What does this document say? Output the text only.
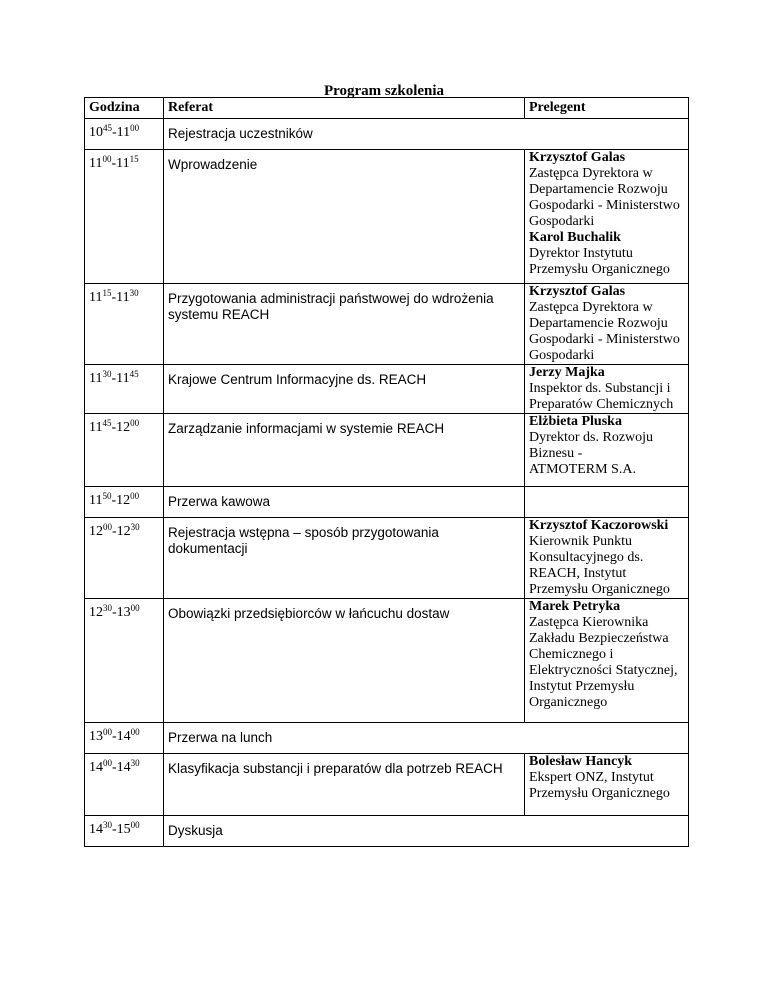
Program szkolenia
Godzina	Referat	Prelegent
$10^{45}-11^{00}$	Rejestracja uczestników	
$11^{00}-11^{15}$	Wprowadzenie	Krzysztof Galas
Zastępca Dyrektora w Departamencie Rozwoju Gospodarki - Ministerstwo Gospodarki
Karol Buchalik
Dyrektor Instytutu Przemysłu Organicznego

$11^{15}-11^{30}$	Przygotowania administracji państwowej do wdrożenia systemu REACH	Krzysztof Galas
Zastępca Dyrektora w Departamencie Rozwoju Gospodarki - Ministerstwo Gospodarki

$11^{30}-11^{45}$	Krajowe Centrum Informacyjne ds. REACH	Jerzy Majka
Inspektor ds. Substancji i Preparatów Chemicznych

$11^{45}-12^{00}$	Zarządzanie informacjami w systemie REACH	Elżbieta Pluska
Dyrektor ds. Rozwoju Biznesu -
ATMOTERM S.A.

$11^{50}-12^{00}$	Przerwa kawowa	
$12^{00}-12^{30}$	Rejestracja wstępna – sposób przygotowania dokumentacji	Krzysztof Kaczorowski
Kierownik Punktu Konsultacyjnego ds. REACH, Instytut Przemysłu Organicznego

$12^{30}-13^{00}$	Obowiązki przedsiębiorców w łańcuchu dostaw	Marek Petryka
Zastępca Kierownika Zakładu Bezpieczeństwa Chemicznego i Elektryczności Statycznej, Instytut Przemysłu Organicznego

$13^{00}-14^{00}$	Przerwa na lunch	
$14^{00}-14^{30}$	Klasyfikacja substancji i preparatów dla potrzeb REACH	Bolesław Hancyk
Ekspert ONZ, Instytut Przemysłu Organicznego

$14^{30}-15^{00}$	Dyskusja	
